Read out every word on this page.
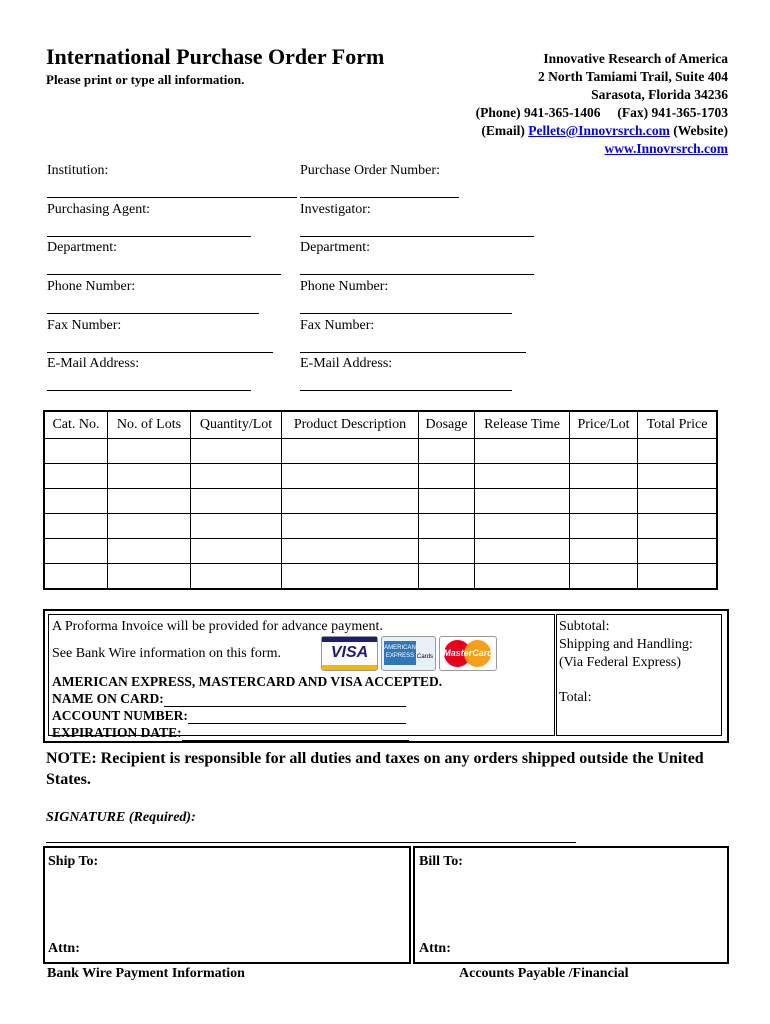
International Purchase Order Form
Please print or type all information.
Innovative Research of America
2 North Tamiami Trail, Suite 404
Sarasota, Florida 34236
(Phone) 941-365-1406     (Fax) 941-365-1703
(Email) Pellets@Innovrsrch.com (Website)
www.Innovrsrch.com
Institution:	Purchase Order Number:
Purchasing Agent:	Investigator:
Department:	Department:
Phone Number:	Phone Number:
Fax Number:	Fax Number:
E-Mail Address:	E-Mail Address:
Cat. No.	No. of Lots	Quantity/Lot	Product Description	Dosage	Release Time	Price/Lot	Total Price

A Proforma Invoice will be provided for advance payment.
See Bank Wire information on this form.	VISA	AMERICAN
EXPRESS Cards	MasterCard
AMERICAN EXPRESS, MASTERCARD AND VISA ACCEPTED.
NAME ON CARD:
ACCOUNT NUMBER:
EXPIRATION DATE:
Subtotal:
Shipping and Handling:
(Via Federal Express)
Total:
NOTE: Recipient is responsible for all duties and taxes on any orders shipped outside the United States.
SIGNATURE (Required):
Ship To:
Attn:
Bill To:
Attn:
Bank Wire Payment Information	Accounts Payable /Financial
